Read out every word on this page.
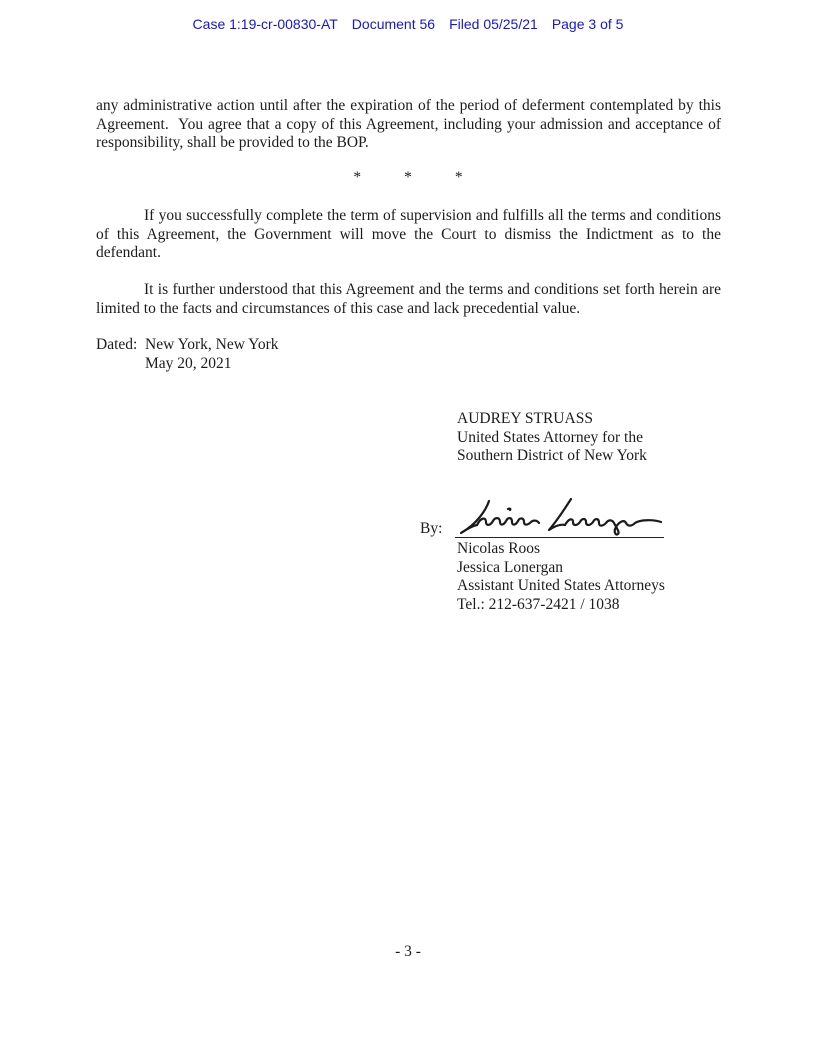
Case 1:19-cr-00830-AT Document 56 Filed 05/25/21 Page 3 of 5
any administrative action until after the expiration of the period of deferment contemplated by this Agreement.  You agree that a copy of this Agreement, including your admission and acceptance of responsibility, shall be provided to the BOP.
*	*	*
If you successfully complete the term of supervision and fulfills all the terms and conditions of this Agreement, the Government will move the Court to dismiss the Indictment as to the defendant.
It is further understood that this Agreement and the terms and conditions set forth herein are limited to the facts and circumstances of this case and lack precedential value.
Dated: New York, New York
May 20, 2021
AUDREY STRUASS
United States Attorney for the
Southern District of New York
By:
Nicolas Roos
Jessica Lonergan
Assistant United States Attorneys
Tel.: 212-637-2421 / 1038
- 3 -
